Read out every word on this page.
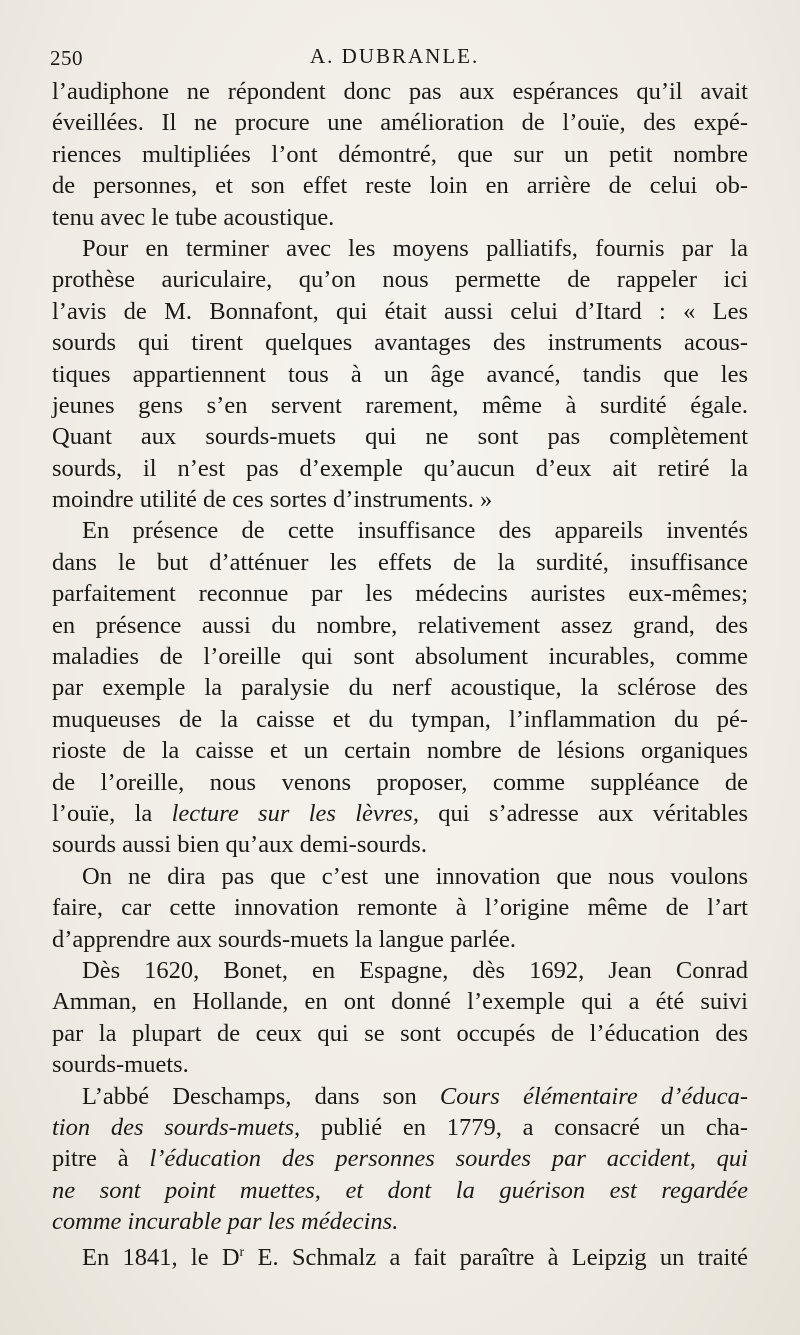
250	A. DUBRANLE.
l’audiphone ne répondent donc pas aux espérances qu’il avait
éveillées. Il ne procure une amélioration de l’ouïe, des expé-
riences multipliées l’ont démontré, que sur un petit nombre
de personnes, et son effet reste loin en arrière de celui ob-
tenu avec le tube acoustique.
Pour en terminer avec les moyens palliatifs, fournis par la
prothèse auriculaire, qu’on nous permette de rappeler ici
l’avis de M. Bonnafont, qui était aussi celui d’Itard : « Les
sourds qui tirent quelques avantages des instruments acous-
tiques appartiennent tous à un âge avancé, tandis que les
jeunes gens s’en servent rarement, même à surdité égale.
Quant aux sourds-muets qui ne sont pas complètement
sourds, il n’est pas d’exemple qu’aucun d’eux ait retiré la
moindre utilité de ces sortes d’instruments. »
En présence de cette insuffisance des appareils inventés
dans le but d’atténuer les effets de la surdité, insuffisance
parfaitement reconnue par les médecins auristes eux-mêmes;
en présence aussi du nombre, relativement assez grand, des
maladies de l’oreille qui sont absolument incurables, comme
par exemple la paralysie du nerf acoustique, la sclérose des
muqueuses de la caisse et du tympan, l’inflammation du pé-
rioste de la caisse et un certain nombre de lésions organiques
de l’oreille, nous venons proposer, comme suppléance de
l’ouïe, la lecture sur les lèvres, qui s’adresse aux véritables
sourds aussi bien qu’aux demi-sourds.
On ne dira pas que c’est une innovation que nous voulons
faire, car cette innovation remonte à l’origine même de l’art
d’apprendre aux sourds-muets la langue parlée.
Dès 1620, Bonet, en Espagne, dès 1692, Jean Conrad
Amman, en Hollande, en ont donné l’exemple qui a été suivi
par la plupart de ceux qui se sont occupés de l’éducation des
sourds-muets.
L’abbé Deschamps, dans son Cours élémentaire d’éduca-
tion des sourds-muets, publié en 1779, a consacré un cha-
pitre à l’éducation des personnes sourdes par accident, qui
ne sont point muettes, et dont la guérison est regardée
comme incurable par les médecins.
En 1841, le $D^r$ E. Schmalz a fait paraître à Leipzig un traité
